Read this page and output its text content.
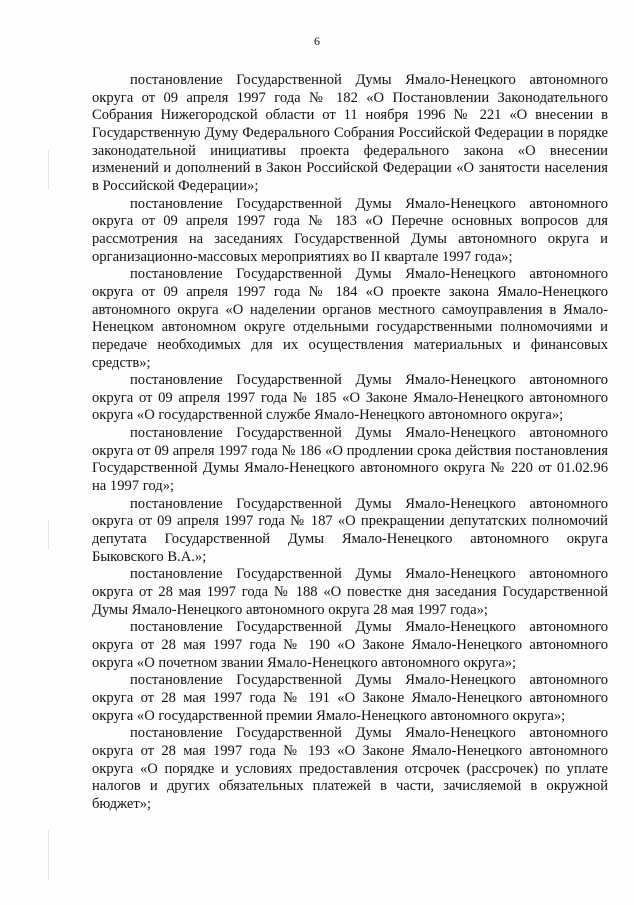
6

постановление Государственной Думы Ямало-Ненецкого автономного округа от 09 апреля 1997 года № 182 «О Постановлении Законодательного Собрания Нижегородской области от 11 ноября 1996 № 221 «О внесении в Государственную Думу Федерального Собрания Российской Федерации в порядке законодательной инициативы проекта федерального закона «О внесении изменений и дополнений в Закон Российской Федерации «О занятости населения в Российской Федерации»;

постановление Государственной Думы Ямало-Ненецкого автономного округа от 09 апреля 1997 года № 183 «О Перечне основных вопросов для рассмотрения на заседаниях Государственной Думы автономного округа и организационно-массовых мероприятиях во II квартале 1997 года»;

постановление Государственной Думы Ямало-Ненецкого автономного округа от 09 апреля 1997 года № 184 «О проекте закона Ямало-Ненецкого автономного округа «О наделении органов местного самоуправления в Ямало-Ненецком автономном округе отдельными государственными полномочиями и передаче необходимых для их осуществления материальных и финансовых средств»;

постановление Государственной Думы Ямало-Ненецкого автономного округа от 09 апреля 1997 года № 185 «О Законе Ямало-Ненецкого автономного округа «О государственной службе Ямало-Ненецкого автономного округа»;

постановление Государственной Думы Ямало-Ненецкого автономного округа от 09 апреля 1997 года № 186 «О продлении срока действия постановления Государственной Думы Ямало-Ненецкого автономного округа № 220 от 01.02.96 на 1997 год»;

постановление Государственной Думы Ямало-Ненецкого автономного округа от 09 апреля 1997 года № 187 «О прекращении депутатских полномочий депутата Государственной Думы Ямало-Ненецкого автономного округа Быковского В.А.»;

постановление Государственной Думы Ямало-Ненецкого автономного округа от 28 мая 1997 года № 188 «О повестке дня заседания Государственной Думы Ямало-Ненецкого автономного округа 28 мая 1997 года»;

постановление Государственной Думы Ямало-Ненецкого автономного округа от 28 мая 1997 года № 190 «О Законе Ямало-Ненецкого автономного округа «О почетном звании Ямало-Ненецкого автономного округа»;

постановление Государственной Думы Ямало-Ненецкого автономного округа от 28 мая 1997 года № 191 «О Законе Ямало-Ненецкого автономного округа «О государственной премии Ямало-Ненецкого автономного округа»;

постановление Государственной Думы Ямало-Ненецкого автономного округа от 28 мая 1997 года № 193 «О Законе Ямало-Ненецкого автономного округа «О порядке и условиях предоставления отсрочек (рассрочек) по уплате налогов и других обязательных платежей в части, зачисляемой в окружной бюджет»;
